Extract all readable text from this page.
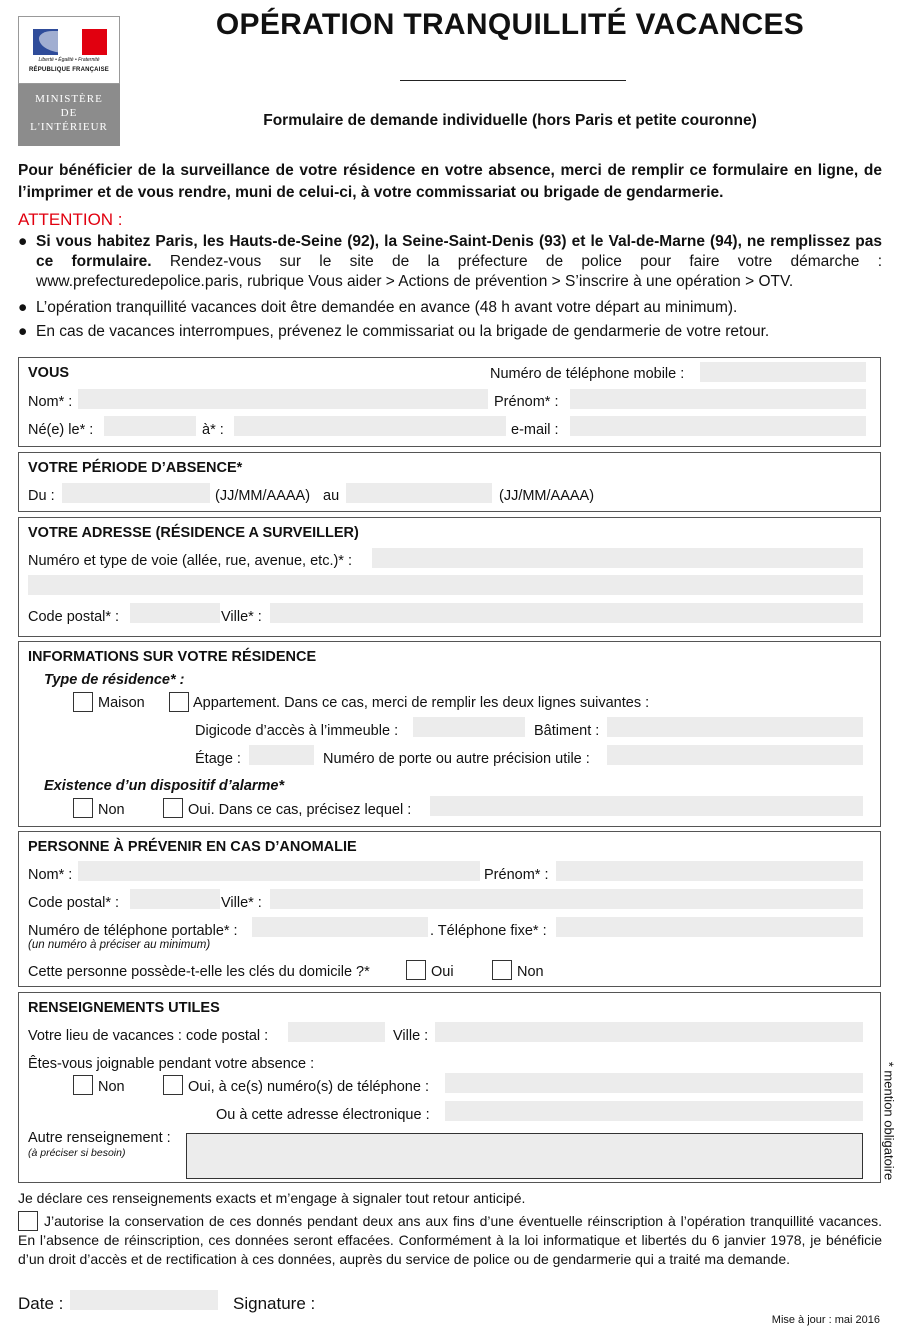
Liberté • Égalité • Fraternité
RÉPUBLIQUE FRANÇAISE
MINISTÈRE
DE
L'INTÉRIEUR
OPÉRATION TRANQUILLITÉ VACANCES
Formulaire de demande individuelle (hors Paris et petite couronne)
Pour bénéficier de la surveillance de votre résidence en votre absence, merci de remplir ce formulaire en ligne, de l’imprimer et de vous rendre, muni de celui-ci, à votre commissariat ou brigade de gendarmerie.
ATTENTION :
● Si vous habitez Paris, les Hauts-de-Seine (92), la Seine-Saint-Denis (93) et le Val-de-Marne (94), ne remplissez pas ce formulaire. Rendez-vous sur le site de la préfecture de police pour faire votre démarche : www.prefecturedepolice.paris, rubrique Vous aider > Actions de prévention > S’inscrire à une opération > OTV.
● L’opération tranquillité vacances doit être demandée en avance (48 h avant votre départ au minimum).
● En cas de vacances interrompues, prévenez le commissariat ou la brigade de gendarmerie de votre retour.
VOUS	Numéro de téléphone mobile :
Nom* :	Prénom* :
Né(e) le* :	à* :	e-mail :
VOTRE PÉRIODE D’ABSENCE*
Du :	(JJ/MM/AAAA) au	(JJ/MM/AAAA)
VOTRE ADRESSE (RÉSIDENCE A SURVEILLER)
Numéro et type de voie (allée, rue, avenue, etc.)* :
Code postal* :	Ville* :
INFORMATIONS SUR VOTRE RÉSIDENCE
Type de résidence* :
Maison	Appartement. Dans ce cas, merci de remplir les deux lignes suivantes :
Digicode d’accès à l’immeuble :	Bâtiment :
Étage :	Numéro de porte ou autre précision utile :
Existence d’un dispositif d’alarme*
Non	Oui. Dans ce cas, précisez lequel :
PERSONNE À PRÉVENIR EN CAS D’ANOMALIE
Nom* :	Prénom* :
Code postal* :	Ville* :
Numéro de téléphone portable* :	. Téléphone fixe* :
(un numéro à préciser au minimum)
Cette personne possède-t-elle les clés du domicile ?*	Oui	Non
RENSEIGNEMENTS UTILES
Votre lieu de vacances : code postal :	Ville :
Êtes-vous joignable pendant votre absence :
Non	Oui, à ce(s) numéro(s) de téléphone :
Ou à cette adresse électronique :
Autre renseignement :
(à préciser si besoin)	* mention obligatoire
Je déclare ces renseignements exacts et m’engage à signaler tout retour anticipé.
J’autorise la conservation de ces donnés pendant deux ans aux fins d’une éventuelle réinscription à l’opération tranquillité vacances. En l’absence de réinscription, ces données seront effacées. Conformément à la loi informatique et libertés du 6 janvier 1978, je bénéficie d’un droit d’accès et de rectification à ces données, auprès du service de police ou de gendarmerie qui a traité ma demande.
Date :	Signature :
Mise à jour : mai 2016
